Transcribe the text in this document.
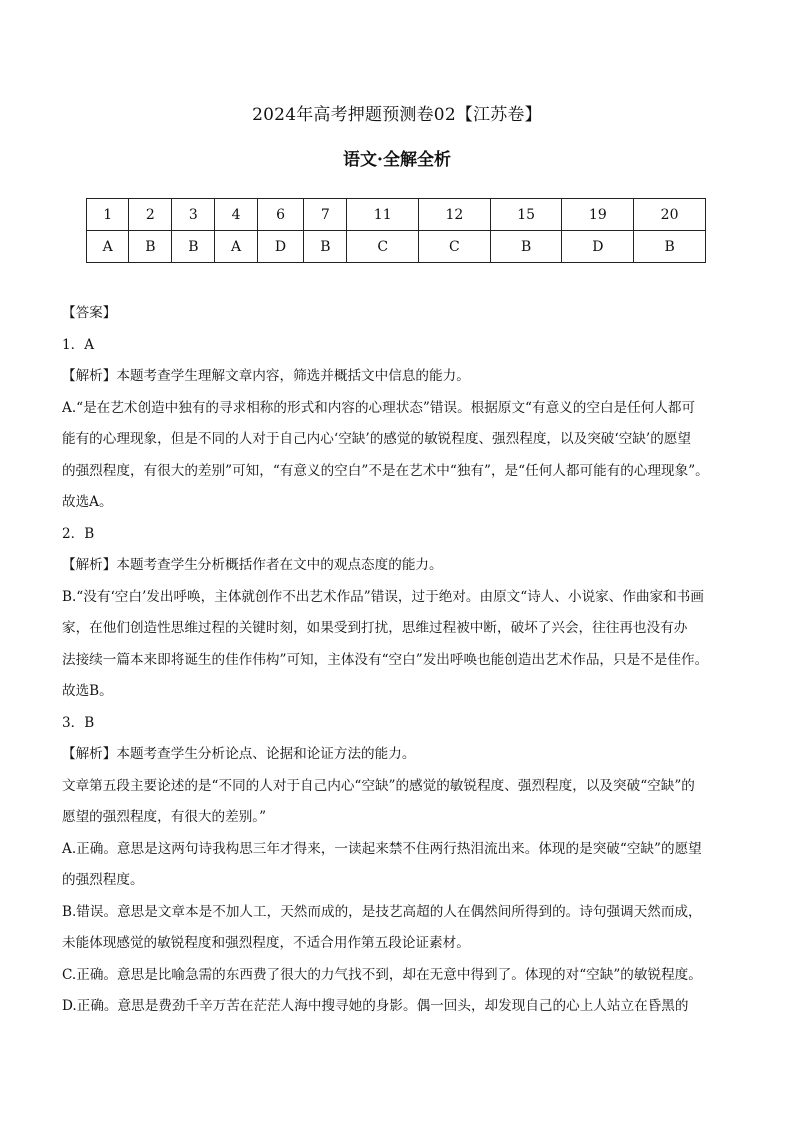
2024年高考押题预测卷02【江苏卷】
语文·全解全析
1	2	3	4	6	7	11	12	15	19	20
A	B	B	A	D	B	C	C	B	D	B

【答案】

1．A

【解析】本题考查学生理解文章内容，筛选并概括文中信息的能力。

A.“是在艺术创造中独有的寻求相称的形式和内容的心理状态”错误。根据原文“有意义的空白是任何人都可

能有的心理现象，但是不同的人对于自己内心‘空缺’的感觉的敏锐程度、强烈程度，以及突破‘空缺’的愿望

的强烈程度，有很大的差别”可知，“有意义的空白”不是在艺术中“独有”，是“任何人都可能有的心理现象”。

故选A。

2．B

【解析】本题考查学生分析概括作者在文中的观点态度的能力。

B.“没有‘空白’发出呼唤，主体就创作不出艺术作品”错误，过于绝对。由原文“诗人、小说家、作曲家和书画

家，在他们创造性思维过程的关键时刻，如果受到打扰，思维过程被中断，破坏了兴会，往往再也没有办

法接续一篇本来即将诞生的佳作伟构”可知，主体没有“空白”发出呼唤也能创造出艺术作品，只是不是佳作。

故选B。

3．B

【解析】本题考查学生分析论点、论据和论证方法的能力。

文章第五段主要论述的是“不同的人对于自己内心“空缺”的感觉的敏锐程度、强烈程度，以及突破“空缺”的

愿望的强烈程度，有很大的差别。”

A.正确。意思是这两句诗我构思三年才得来，一读起来禁不住两行热泪流出来。体现的是突破“空缺”的愿望

的强烈程度。

B.错误。意思是文章本是不加人工，天然而成的，是技艺高超的人在偶然间所得到的。诗句强调天然而成，

未能体现感觉的敏锐程度和强烈程度，不适合用作第五段论证素材。

C.正确。意思是比喻急需的东西费了很大的力气找不到，却在无意中得到了。体现的对“空缺”的敏锐程度。

D.正确。意思是费劲千辛万苦在茫茫人海中搜寻她的身影。偶一回头，却发现自己的心上人站立在昏黑的
